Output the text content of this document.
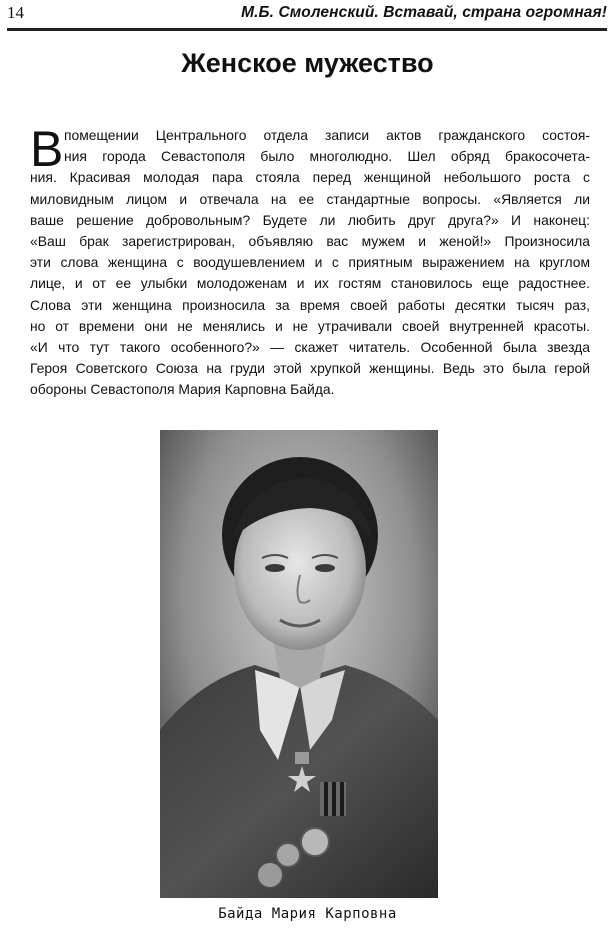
14	М.Б. Смоленский. Вставай, страна огромная!
Женское мужество
В помещении Центрального отдела записи актов гражданского состоя-
ния города Севастополя было многолюдно. Шел обряд бракосочета-
ния. Красивая молодая пара стояла перед женщиной небольшого роста с
миловидным лицом и отвечала на ее стандартные вопросы. «Является ли
ваше решение добровольным? Будете ли любить друг друга?» И наконец:
«Ваш брак зарегистрирован, объявляю вас мужем и женой!» Произносила
эти слова женщина с воодушевлением и с приятным выражением на круглом
лице, и от ее улыбки молодоженам и их гостям становилось еще радостнее.
Слова эти женщина произносила за время своей работы десятки тысяч раз,
но от времени они не менялись и не утрачивали своей внутренней красоты.
«И что тут такого особенного?» — скажет читатель. Особенной была звезда
Героя Советского Союза на груди этой хрупкой женщины. Ведь это была герой
обороны Севастополя Мария Карповна Байда.
Байда Мария Карповна
